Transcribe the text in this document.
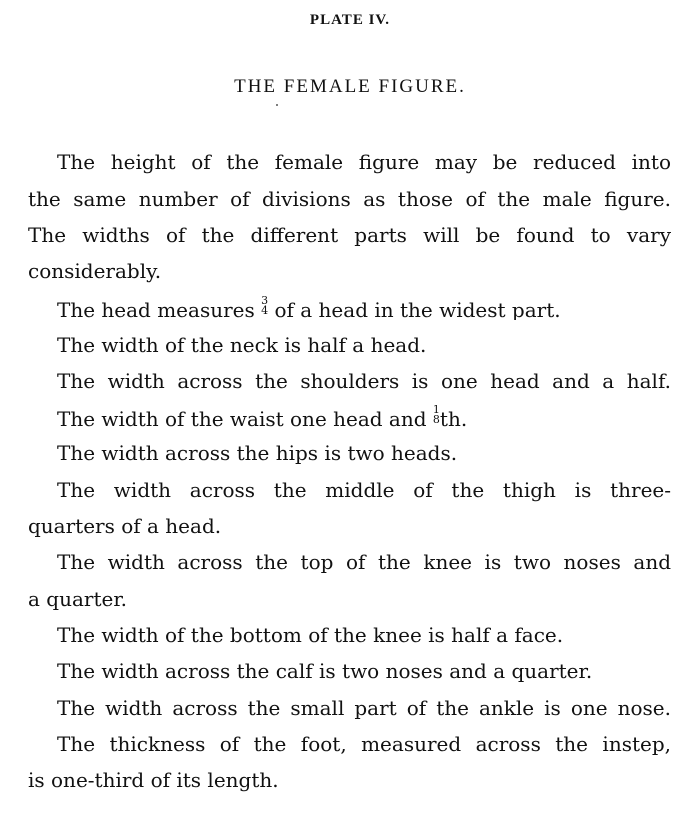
PLATE IV.
THE FEMALE FIGURE.
The height of the female figure may be reduced into
the same number of divisions as those of the male figure.
The widths of the different parts will be found to vary
considerably.
The head measures 3
4 of a head in the widest part.
The width of the neck is half a head.
The width across the shoulders is one head and a half.
The width of the waist one head and 1
8 th.
The width across the hips is two heads.
The width across the middle of the thigh is three-
quarters of a head.
The width across the top of the knee is two noses and
a quarter.
The width of the bottom of the knee is half a face.
The width across the calf is two noses and a quarter.
The width across the small part of the ankle is one nose.
The thickness of the foot, measured across the instep,
is one-third of its length.
